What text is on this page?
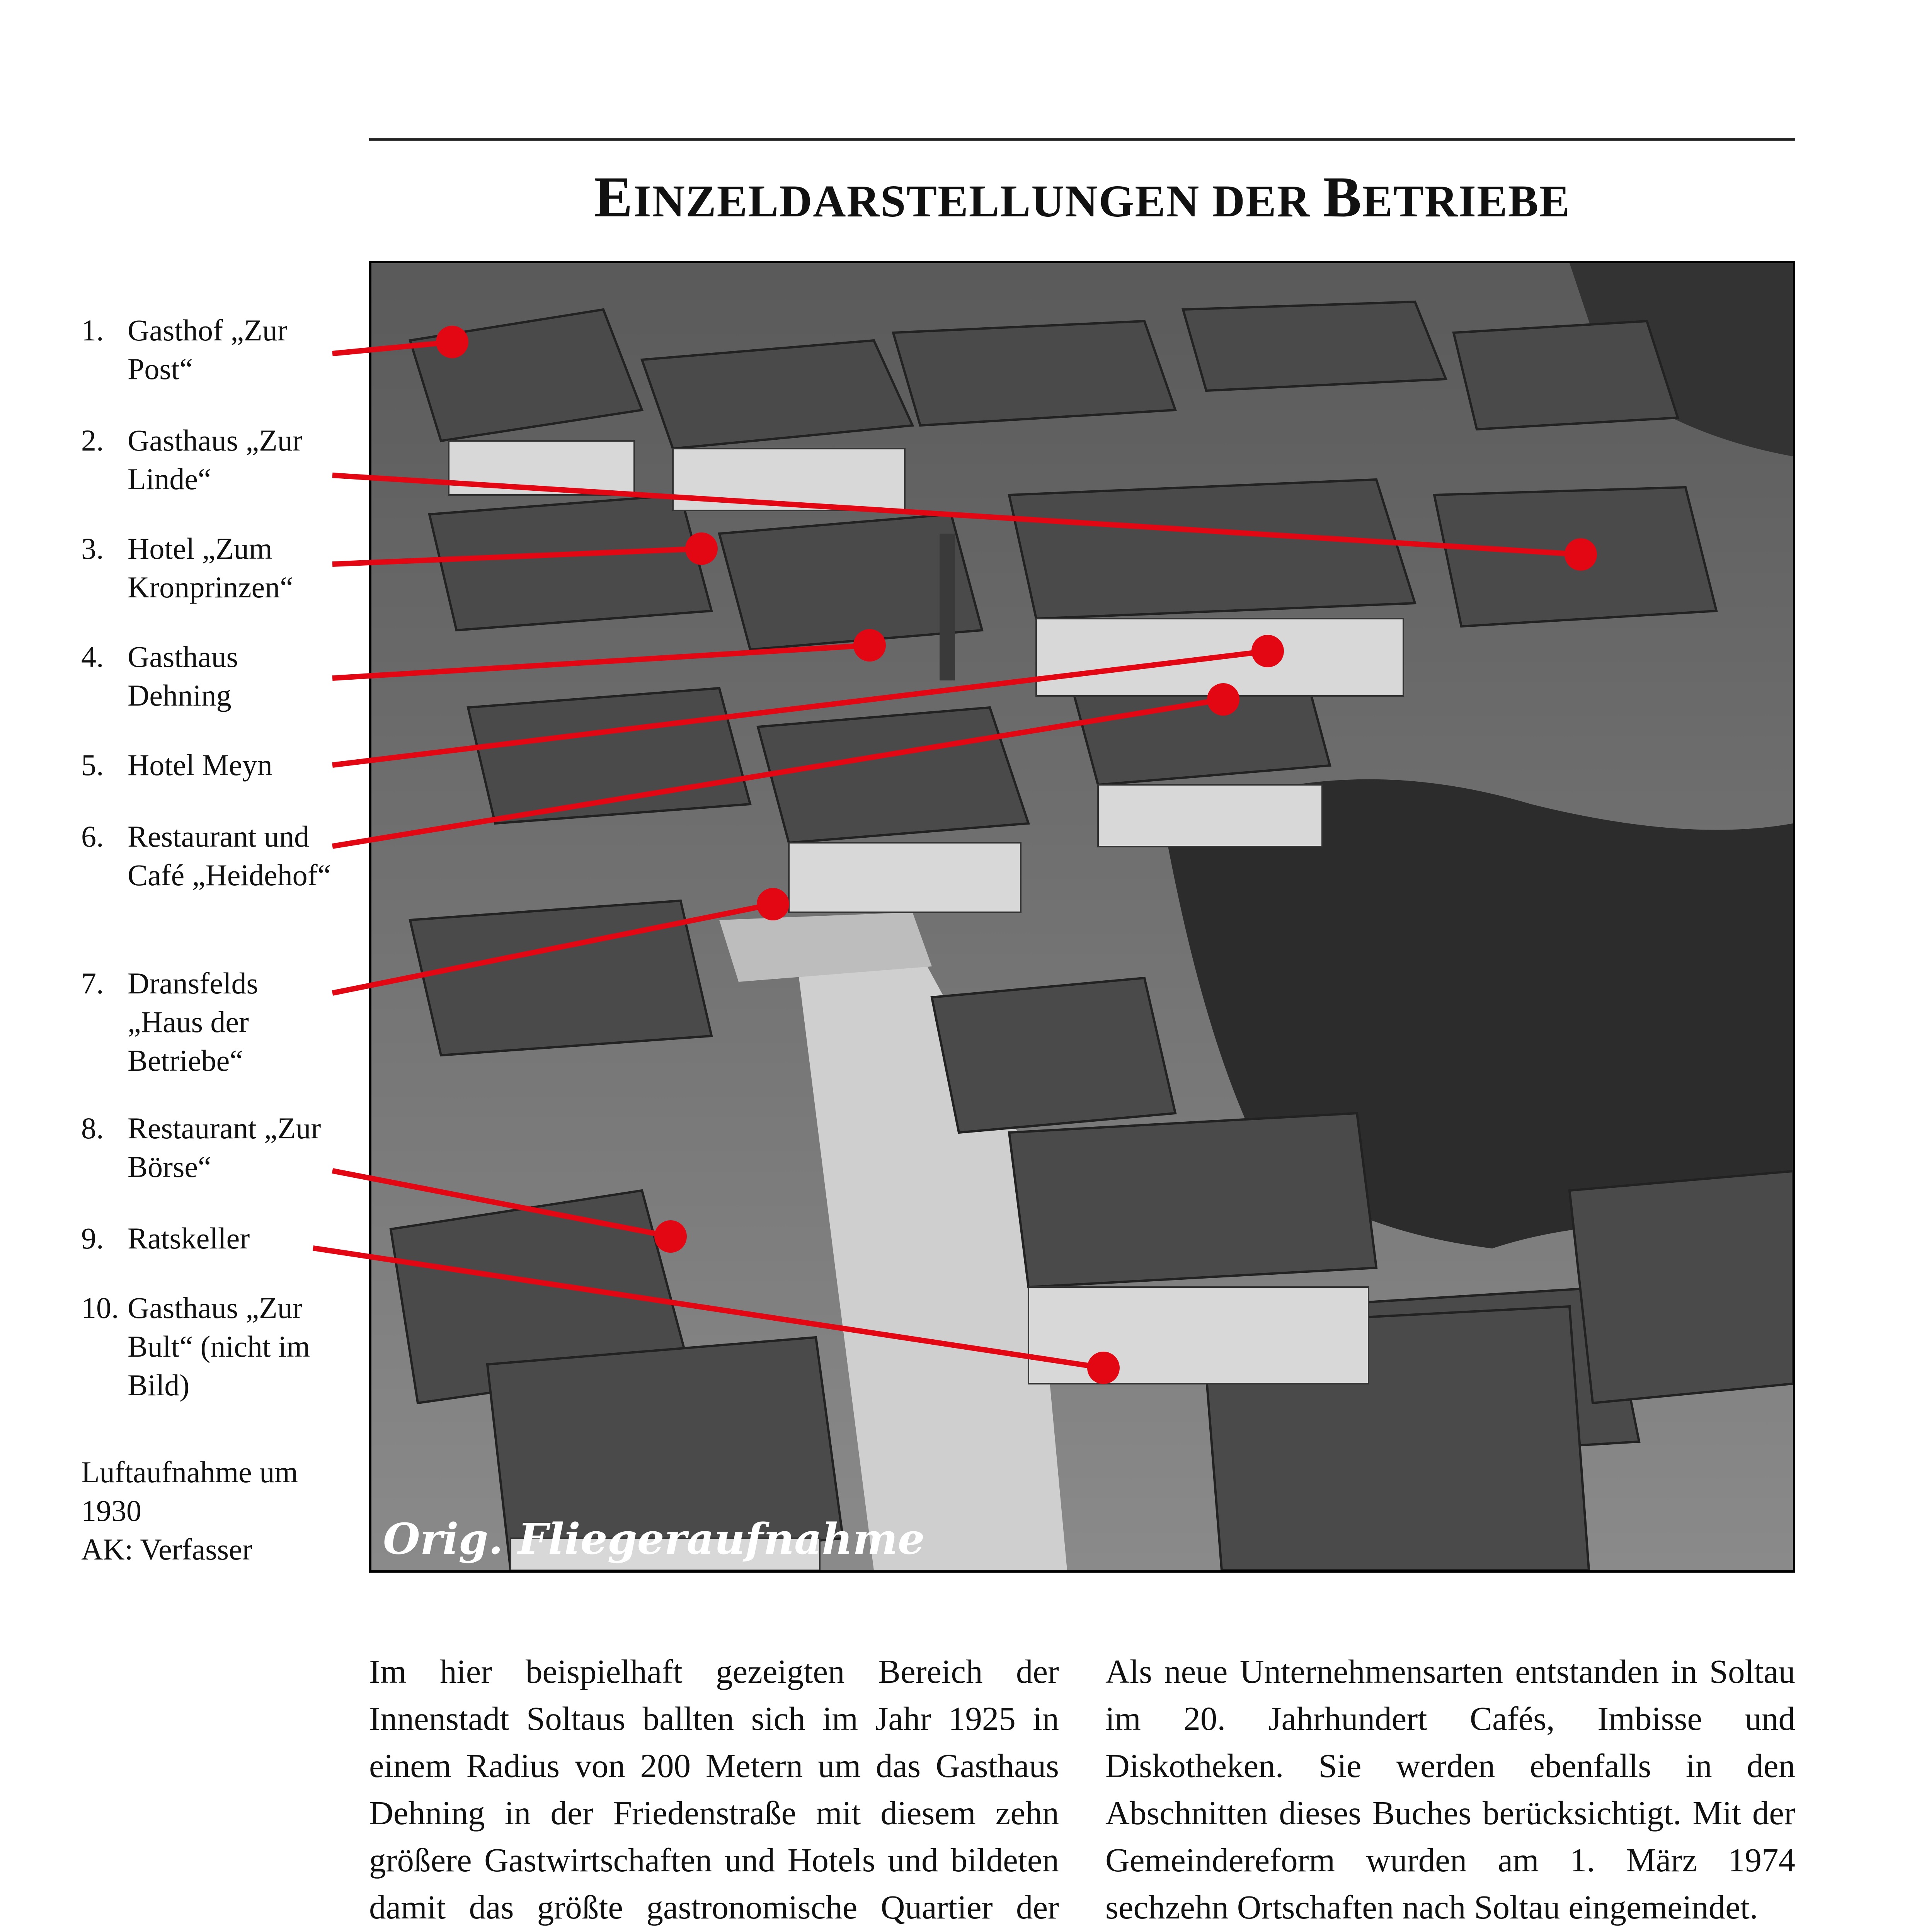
EINZELDARSTELLUNGEN DER BETRIEBE
Orig. Fliegeraufnahme
1. Gasthof „Zur Post“
2. Gasthaus „Zur Linde“
3. Hotel „Zum Kronprinzen“
4. Gasthaus Dehning
5. Hotel Meyn
6. Restaurant und Café „Heidehof“
7. Dransfelds „Haus der Betriebe“
8. Restaurant „Zur Börse“
9. Ratskeller
10. Gasthaus „Zur Bult“ (nicht im Bild)

Luftaufnahme um 1930

AK: Verfasser

Im hier beispielhaft gezeigten Bereich der Innenstadt Soltaus ballten sich im Jahr 1925 in einem Radius von 200 Metern um das Gasthaus Dehning in der Friedenstraße mit diesem zehn größere Gastwirtschaften und Hotels und bildeten damit das größte gastronomische Quartier der

Als neue Unternehmensarten entstanden in Soltau im 20. Jahrhundert Cafés, Imbisse und Diskotheken. Sie werden ebenfalls in den Abschnitten dieses Buches berücksichtigt. Mit der Gemeindereform wurden am 1. März 1974 sechzehn Ortschaften nach Soltau eingemeindet.
